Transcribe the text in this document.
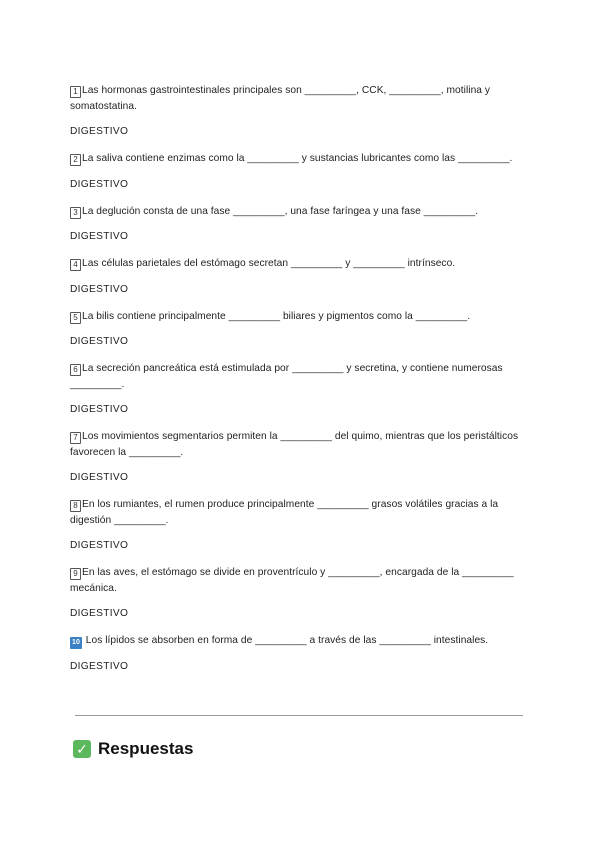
1 Las hormonas gastrointestinales principales son _________, CCK, _________, motilina y somatostatina.
DIGESTIVO
2 La saliva contiene enzimas como la _________ y sustancias lubricantes como las _________.
DIGESTIVO
3 La deglución consta de una fase _________, una fase faríngea y una fase _________.
DIGESTIVO
4 Las células parietales del estómago secretan _________ y _________ intrínseco.
DIGESTIVO
5 La bilis contiene principalmente _________ biliares y pigmentos como la _________.
DIGESTIVO
6 La secreción pancreática está estimulada por _________ y secretina, y contiene numerosas _________.
DIGESTIVO
7 Los movimientos segmentarios permiten la _________ del quimo, mientras que los peristálticos favorecen la _________.
DIGESTIVO
8 En los rumiantes, el rumen produce principalmente _________ grasos volátiles gracias a la digestión _________.
DIGESTIVO
9 En las aves, el estómago se divide en proventrículo y _________, encargada de la _________ mecánica.
DIGESTIVO
10 Los lípidos se absorben en forma de _________ a través de las _________ intestinales.
DIGESTIVO
✓ Respuestas
